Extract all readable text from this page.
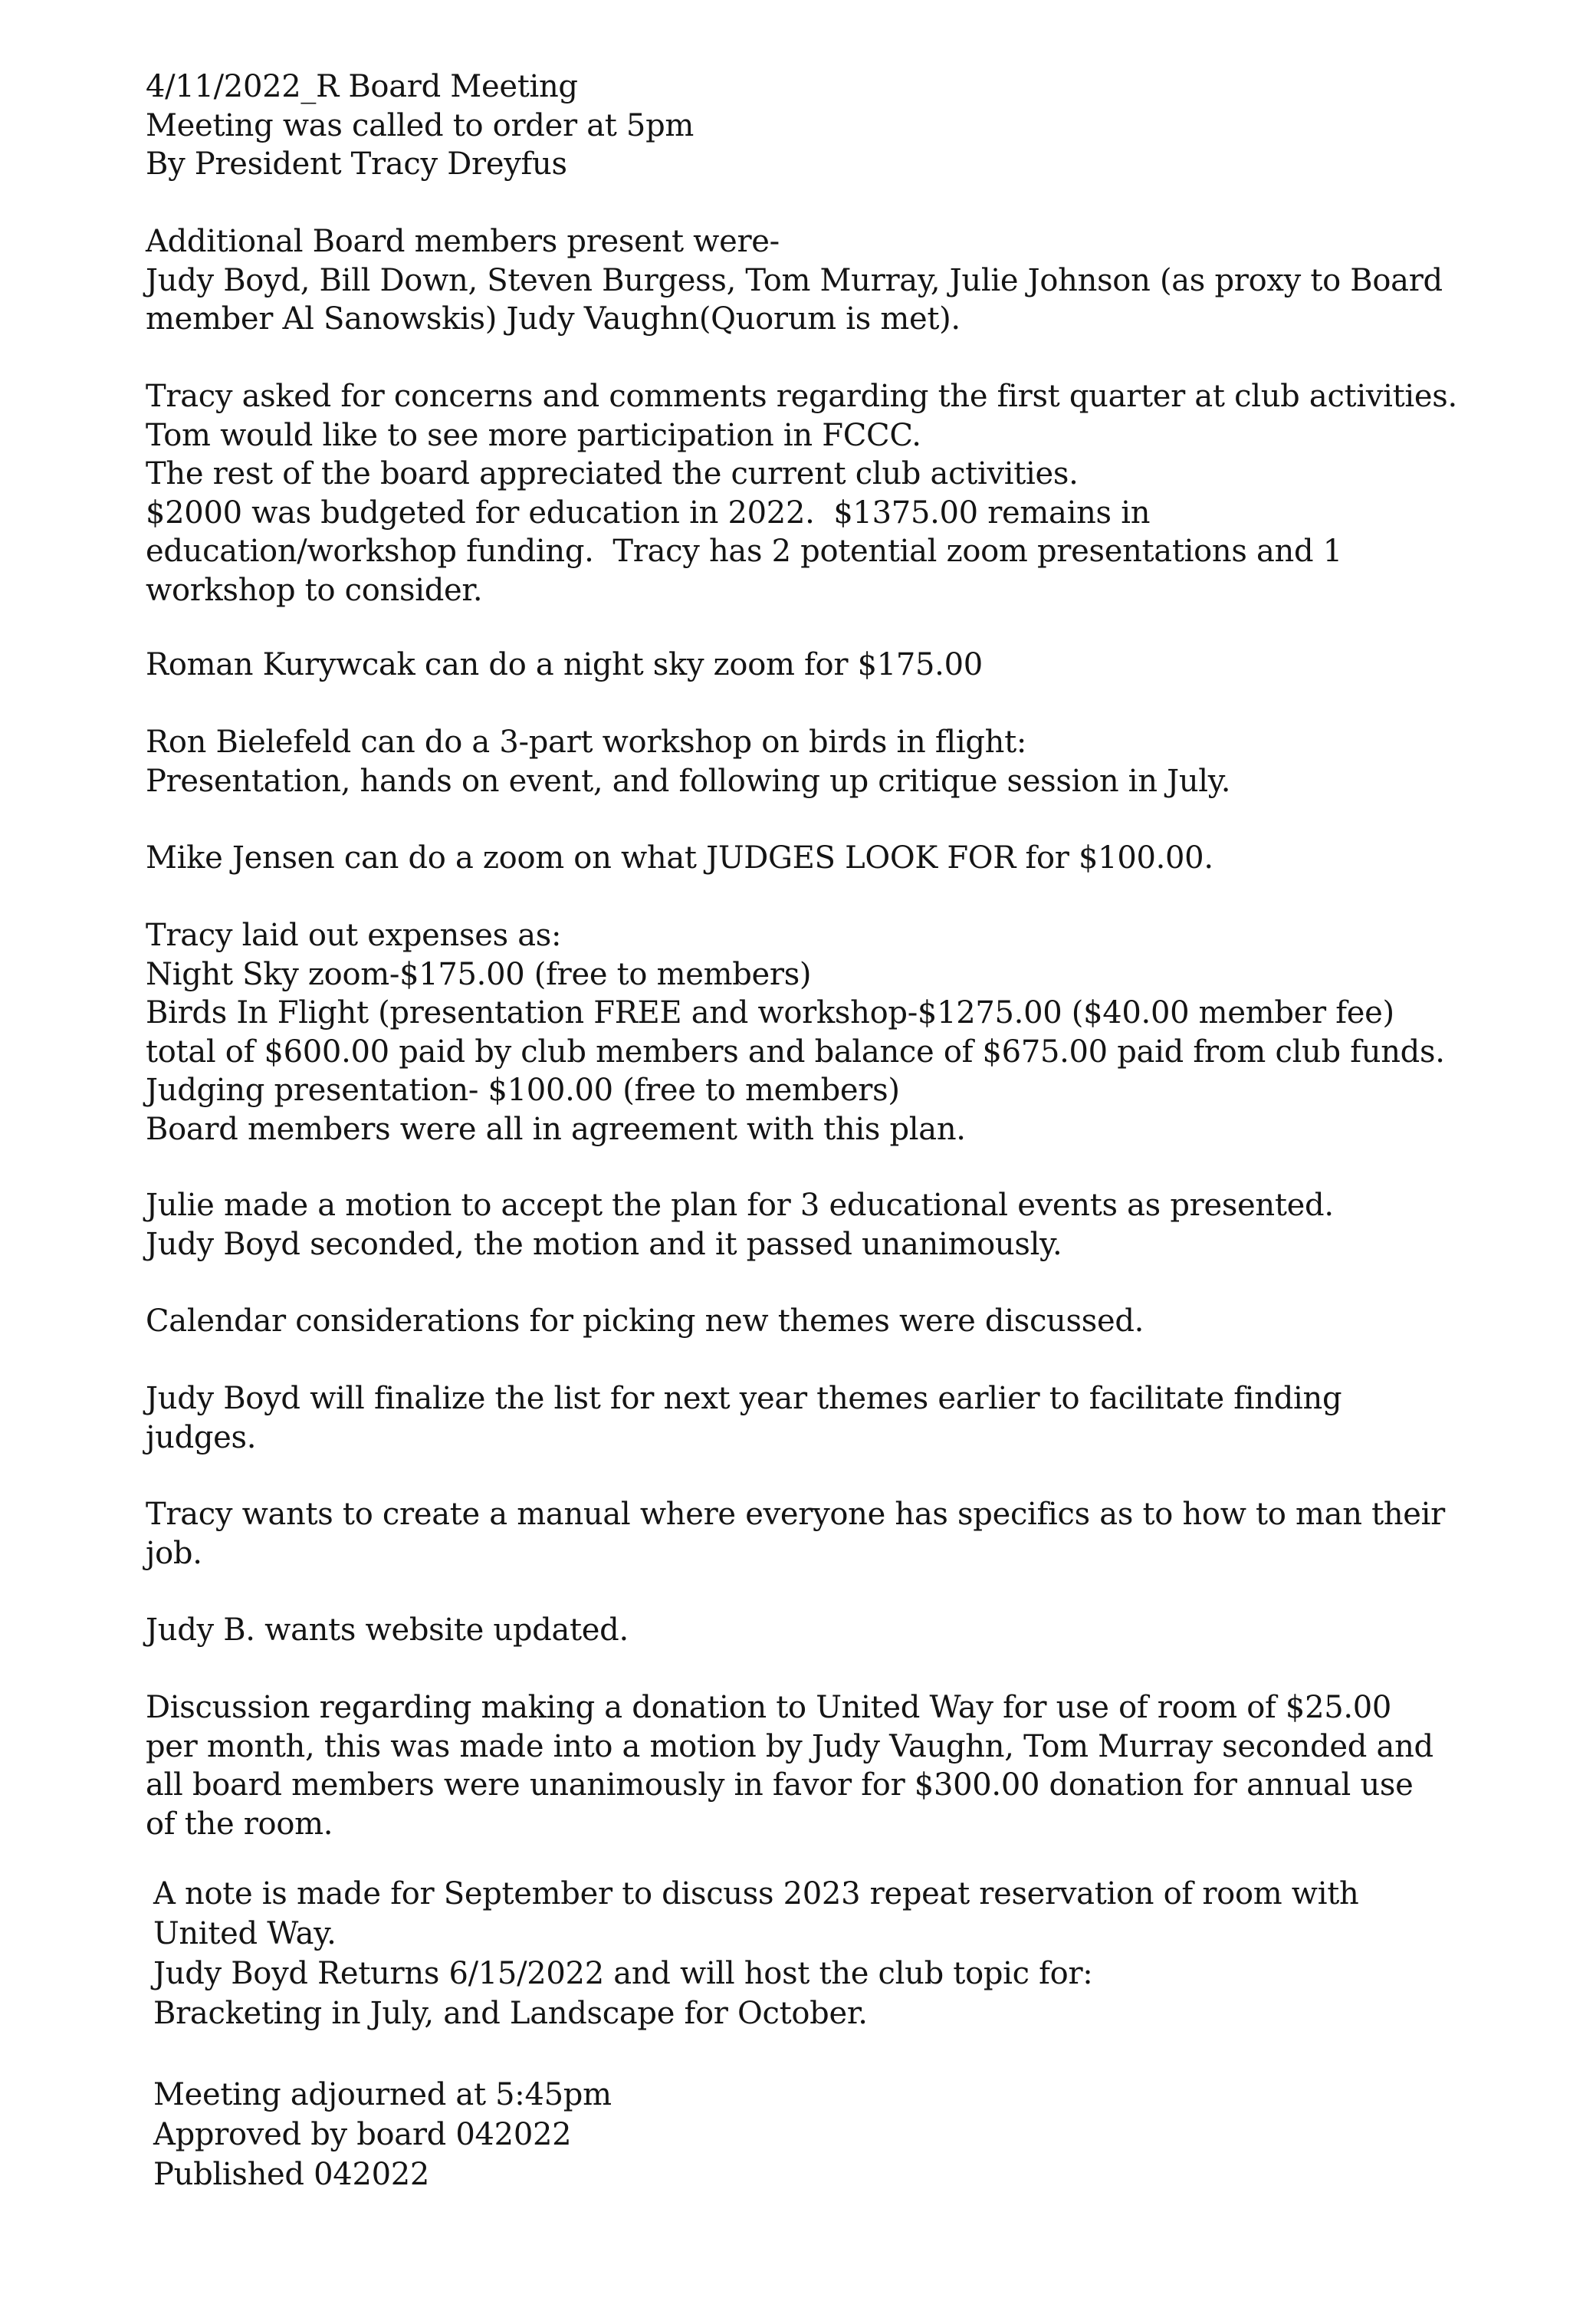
4/11/2022_R Board Meeting
Meeting was called to order at 5pm
By President Tracy Dreyfus
Additional Board members present were-
Judy Boyd, Bill Down, Steven Burgess, Tom Murray, Julie Johnson (as proxy to Board
member Al Sanowskis) Judy Vaughn(Quorum is met).
Tracy asked for concerns and comments regarding the first quarter at club activities.
Tom would like to see more participation in FCCC.
The rest of the board appreciated the current club activities.
$2000 was budgeted for education in 2022.  $1375.00 remains in
education/workshop funding.  Tracy has 2 potential zoom presentations and 1
workshop to consider.
Roman Kurywcak can do a night sky zoom for $175.00
Ron Bielefeld can do a 3-part workshop on birds in flight:
Presentation, hands on event, and following up critique session in July.
Mike Jensen can do a zoom on what JUDGES LOOK FOR for $100.00.
Tracy laid out expenses as:
Night Sky zoom-$175.00 (free to members)
Birds In Flight (presentation FREE and workshop-$1275.00 ($40.00 member fee)
total of $600.00 paid by club members and balance of $675.00 paid from club funds.
Judging presentation- $100.00 (free to members)
Board members were all in agreement with this plan.
Julie made a motion to accept the plan for 3 educational events as presented.
Judy Boyd seconded, the motion and it passed unanimously.
Calendar considerations for picking new themes were discussed.
Judy Boyd will finalize the list for next year themes earlier to facilitate finding
judges.
Tracy wants to create a manual where everyone has specifics as to how to man their
job.
Judy B. wants website updated.
Discussion regarding making a donation to United Way for use of room of $25.00
per month, this was made into a motion by Judy Vaughn, Tom Murray seconded and
all board members were unanimously in favor for $300.00 donation for annual use
of the room.
A note is made for September to discuss 2023 repeat reservation of room with
United Way.
Judy Boyd Returns 6/15/2022 and will host the club topic for:
Bracketing in July, and Landscape for October.
Meeting adjourned at 5:45pm
Approved by board 042022
Published 042022
